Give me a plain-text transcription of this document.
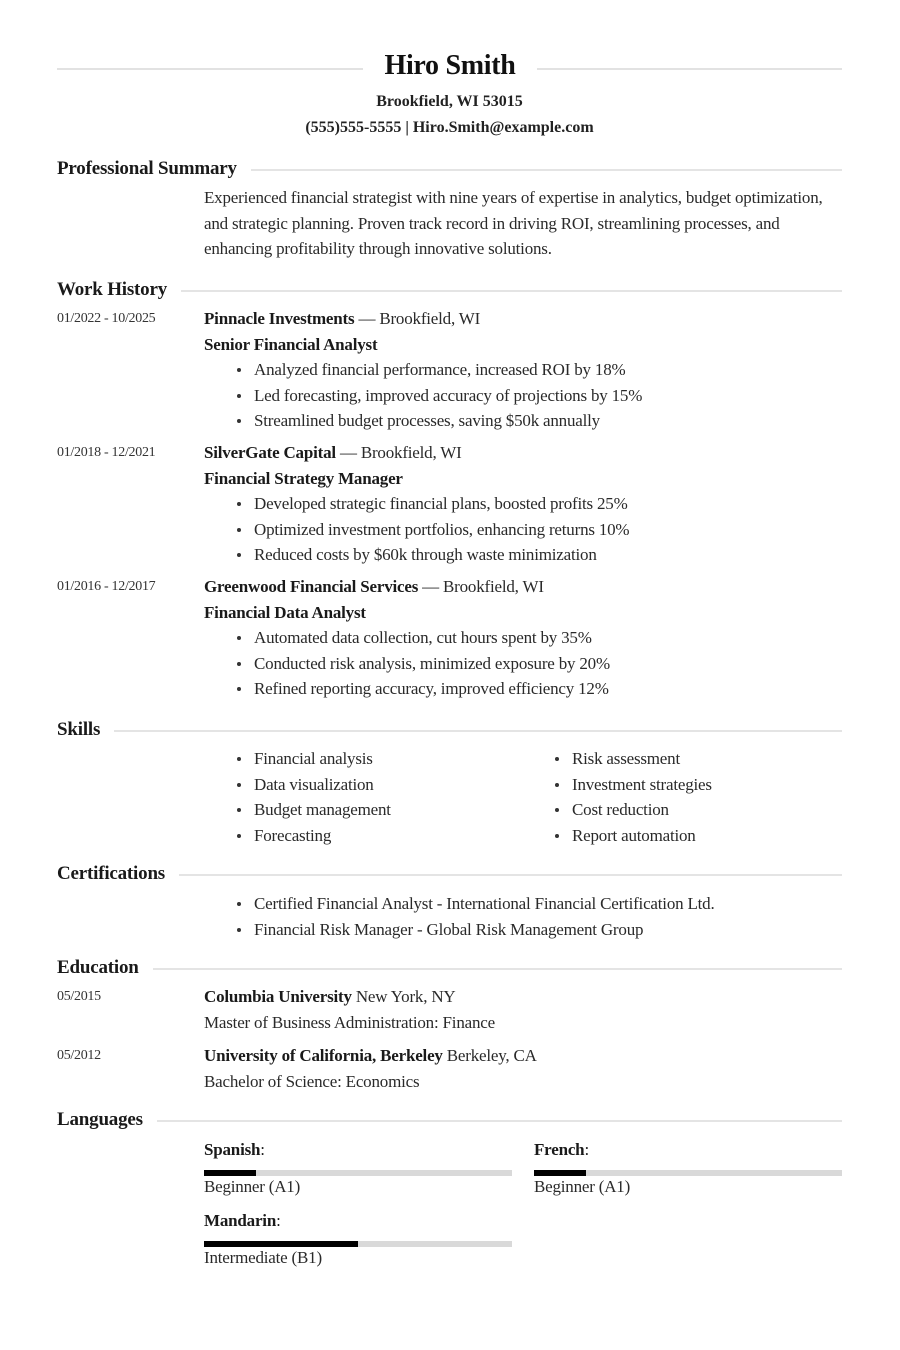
Hiro Smith
Brookfield, WI 53015
(555)555-5555 | Hiro.Smith@example.com
Professional Summary
Experienced financial strategist with nine years of expertise in analytics, budget optimization, and strategic planning. Proven track record in driving ROI, streamlining processes, and enhancing profitability through innovative solutions.
Work History
01/2022 - 10/2025	Pinnacle Investments — Brookfield, WI
Senior Financial Analyst
Analyzed financial performance, increased ROI by 18%
Led forecasting, improved accuracy of projections by 15%
Streamlined budget processes, saving $50k annually
01/2018 - 12/2021	SilverGate Capital — Brookfield, WI
Financial Strategy Manager
Developed strategic financial plans, boosted profits 25%
Optimized investment portfolios, enhancing returns 10%
Reduced costs by $60k through waste minimization
01/2016 - 12/2017	Greenwood Financial Services — Brookfield, WI
Financial Data Analyst
Automated data collection, cut hours spent by 35%
Conducted risk analysis, minimized exposure by 20%
Refined reporting accuracy, improved efficiency 12%
Skills
Financial analysis
Data visualization
Budget management
Forecasting
Risk assessment
Investment strategies
Cost reduction
Report automation
Certifications
Certified Financial Analyst - International Financial Certification Ltd.
Financial Risk Manager - Global Risk Management Group
Education
05/2015	Columbia University New York, NY
Master of Business Administration: Finance
05/2012	University of California, Berkeley Berkeley, CA
Bachelor of Science: Economics
Languages
Spanish:
Beginner (A1)
French:
Beginner (A1)
Mandarin:
Intermediate (B1)
